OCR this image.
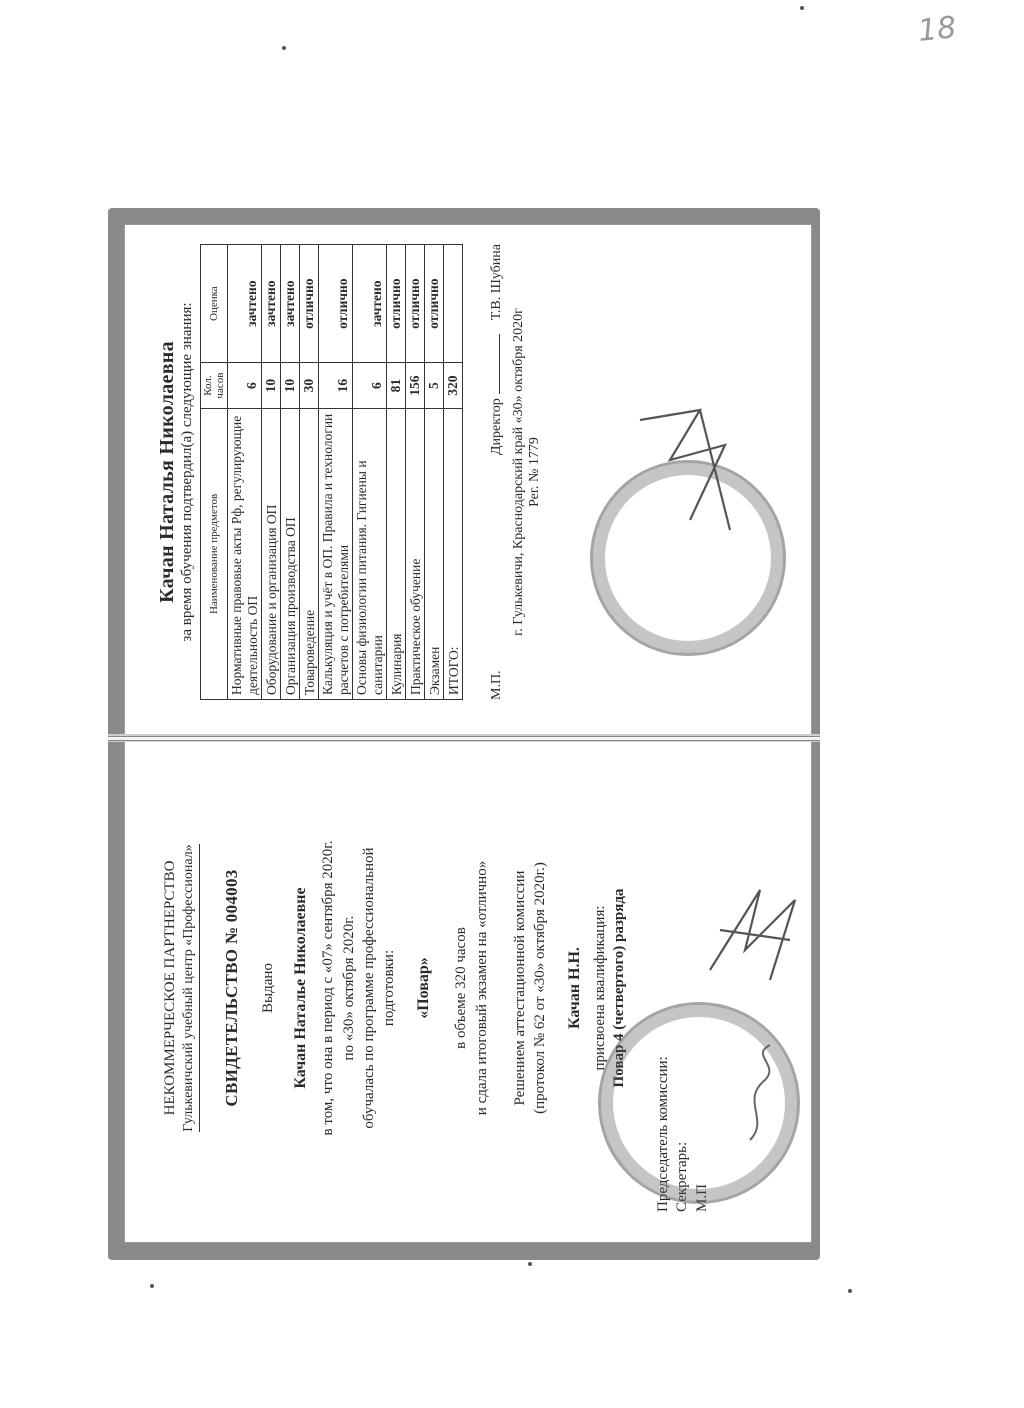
18
Качан Наталья Николаевна за время обучения подтвердил(а) следующие знания: Наименование предметов	Кол. часов	Оценка
Нормативные правовые акты Рф, регулирующие деятельность ОП	6	зачтено
Оборудование и организация ОП	10	зачтено
Организация производства ОП	10	зачтено
Товароведение	30	отлично
Калькуляция и учёт в ОП. Правила и технологии расчетов с потребителями	16	отлично
Основы физиологии питания. Гигиены и санитарии	6	зачтено
Кулинария	81	отлично
Практическое обучение	156	отлично
Экзамен	5	отлично
ИТОГО:	320	
М.П.
Директор
Т.В. Шубина
г. Гулькевичи, Краснодарский край «30» октября 2020г Рег. № 1779
НЕКОММЕРЧЕСКОЕ ПАРТНЕРСТВО Гулькевичский учебный центр «Профессионал» СВИДЕТЕЛЬСТВО № 004003 Выдано Качан Наталье Николаевне в том, что она в период с «07» сентября 2020г. по «30» октября 2020г. обучалась по программе профессиональной подготовки: «Повар» в объеме 320 часов и сдала итоговый экзамен на «отлично» Решением аттестационной комиссии (протокол № 62 от «30» октября 2020г.) Качан Н.Н. присвоена квалификация: Повар 4 (четвертого) разряда
Председатель комиссии: Секретарь: М.П
